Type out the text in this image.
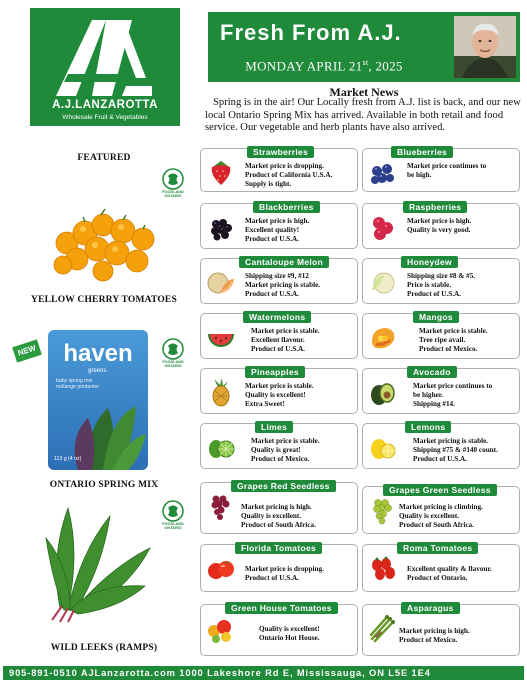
A.J.LANZAROTTA
Wholesale Fruit & Vegetables
Fresh From A.J.
MONDAY APRIL 21st, 2025
Market News
Spring is in the air! Our Locally fresh from A.J. list is back, and our new local Ontario Spring Mix has arrived. Available in both retail and food service. Our vegetable and herb plants have also arrived.
FEATURED
YELLOW CHERRY TOMATOES
NEW	haven
greens.
baby spring mix
mélange printanier
113 g (4 oz)
ONTARIO SPRING MIX
WILD LEEKS (RAMPS)
FOODLAND ONTARIO
FOODLAND ONTARIO
FOODLAND ONTARIO
Strawberries
Market price is dropping.
Product of California U.S.A.
Supply is tight.
Blueberries
Market price continues to
be high.
Blackberries
Market price is high.
Excellent quality!
Product of U.S.A.
Raspberries
Market price is high.
Quality is very good.
Cantaloupe Melon
Shipping size #9, #12
Market pricing is stable.
Product of U.S.A.
Honeydew
Shipping size #8 & #5.
Price is stable.
Product of U.S.A.
Watermelons
Market price is stable.
Excellent flavour.
Product of U.S.A.
Mangos
Market price is stable.
Tree ripe avail.
Product of Mexico.
Pineapples
Market price is stable.
Quality is excellent!
Extra Sweet!
Avocado
Market price continues to
be higher.
Shipping #14.
Limes
Market price is stable.
Quality is great!
Product of Mexico.
Lemons
Market pricing is stable.
Shipping #75 & #140 count.
Product of U.S.A.
Grapes Red Seedless
Market pricing is high.
Quality is excellent.
Product of South Africa.
Grapes Green Seedless
Market pricing is climbing.
Quality is excellent.
Product of South Africa.
Florida Tomatoes
Market price is dropping.
Product of U.S.A.
Roma Tomatoes
Excellent quality & flavour.
Product of Ontario.
Green House Tomatoes
Quality is excellent!
Ontario Hot House.
Asparagus
Market pricing is high.
Product of Mexico.
905-891-0510 AJLanzarotta.com 1000 Lakeshore Rd E, Mississauga, ON L5E 1E4
